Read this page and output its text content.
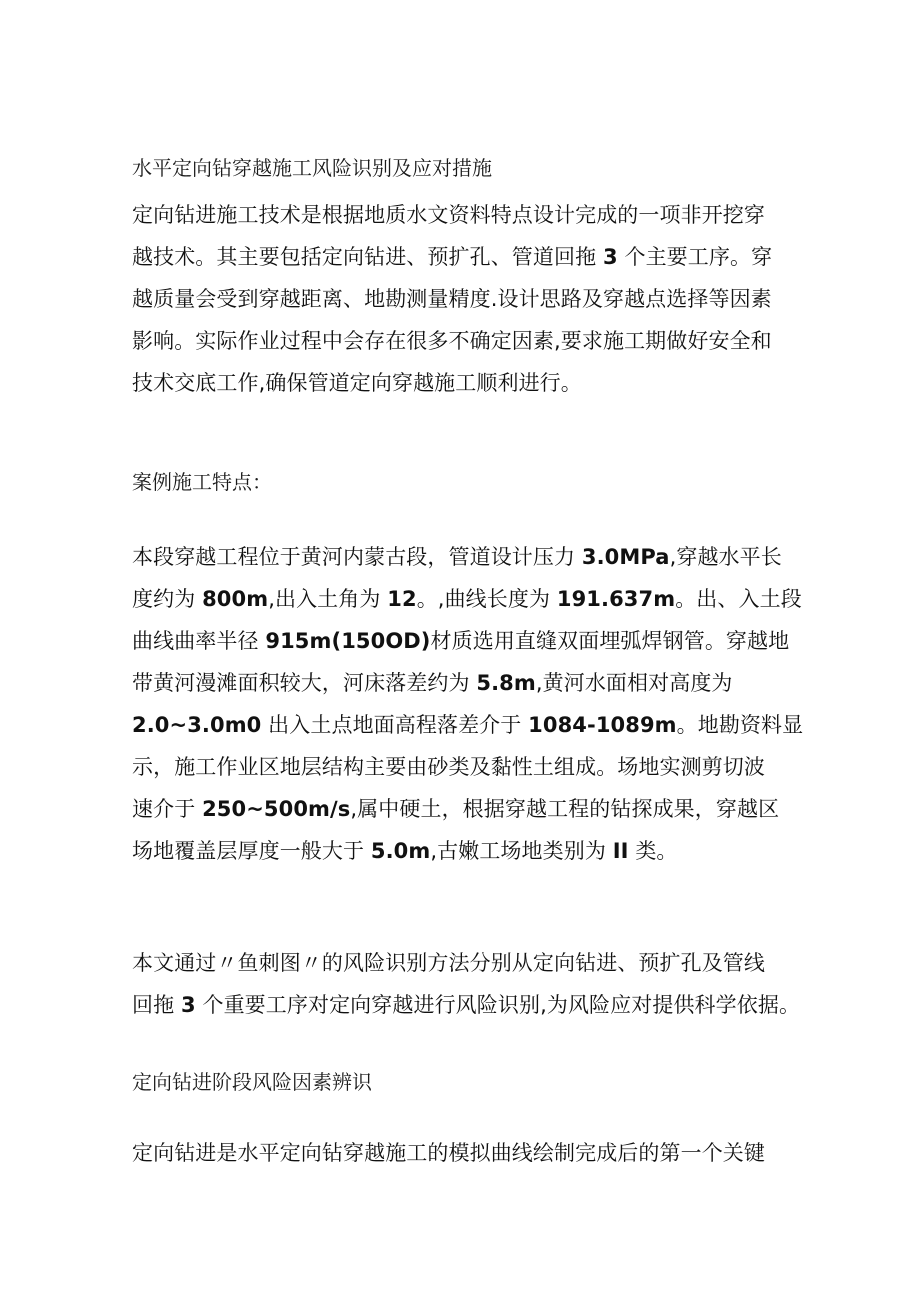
水平定向钻穿越施工风险识别及应对措施
定向钻进施工技术是根据地质水文资料特点设计完成的一项非开挖穿
越技术。其主要包括定向钻进、预扩孔、管道回拖 3 个主要工序。穿
越质量会受到穿越距离、地勘测量精度.设计思路及穿越点选择等因素
影响。实际作业过程中会存在很多不确定因素,要求施工期做好安全和
技术交底工作,确保管道定向穿越施工顺利进行。
案例施工特点：
本段穿越工程位于黄河内蒙古段，管道设计压力 3.0MPa,穿越水平长
度约为 800m,出入土角为 12。,曲线长度为 191.637m。出、入土段
曲线曲率半径 915m(150OD)材质选用直缝双面埋弧焊钢管。穿越地
带黄河漫滩面积较大，河床落差约为 5.8m,黄河水面相对高度为
2.0~3.0m0 出入土点地面高程落差介于 1084-1089m。地勘资料显
示，施工作业区地层结构主要由砂类及黏性土组成。场地实测剪切波
速介于 250~500m∕s,属中硬土，根据穿越工程的钻探成果，穿越区
场地覆盖层厚度一般大于 5.0m,古嫩工场地类别为 II 类。
本文通过〃鱼刺图〃的风险识别方法分别从定向钻进、预扩孔及管线
回拖 3 个重要工序对定向穿越进行风险识别,为风险应对提供科学依据。
定向钻进阶段风险因素辨识
定向钻进是水平定向钻穿越施工的模拟曲线绘制完成后的第一个关键
